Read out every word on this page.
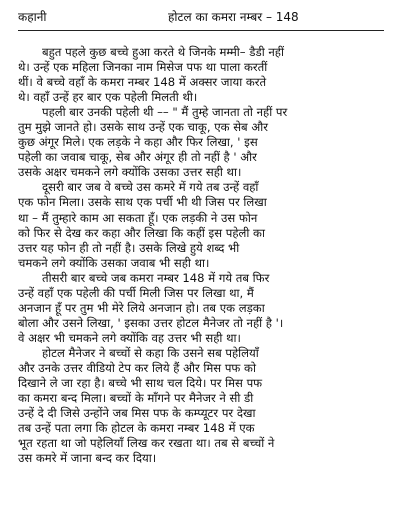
कहानी	होटल का कमरा नम्बर – 148
बहुत पहले कुछ बच्चे हुआ करते थे जिनके मम्मी– डैडी नहीं
थे। उन्हें एक महिला जिनका नाम मिसेज पफ था पाला करतीं
थीं। वे बच्चे वहाँ के कमरा नम्बर 148 में अक्सर जाया करते
थे। वहाँ उन्हें हर बार एक पहेली मिलती थी।
पहली बार उनकी पहेली थी –– " मैं तुम्हे जानता तो नहीं पर
तुम मुझे जानते हो। उसके साथ उन्हें एक चाकू, एक सेब और
कुछ अंगूर मिले। एक लड़के ने कहा और फिर लिखा, ' इस
पहेली का जवाब चाकू, सेब और अंगूर ही तो नहीं है ' और
उसके अक्षर चमकने लगे क्योंकि उसका उत्तर सही था।
दूसरी बार जब वे बच्चे उस कमरे में गये तब उन्हें वहाँ
एक फोन मिला। उसके साथ एक पर्ची भी थी जिस पर लिखा
था – मैं तुम्हारे काम आ सकता हूँ। एक लड़की ने उस फोन
को फिर से देख कर कहा और लिखा कि कहीं इस पहेली का
उत्तर यह फोन ही तो नहीं है। उसके लिखे हुये शब्द भी
चमकने लगे क्योंकि उसका जवाब भी सही था।
तीसरी बार बच्चे जब कमरा नम्बर 148 में गये तब फिर
उन्हें वहाँ एक पहेली की पर्ची मिली जिस पर लिखा था, मैं
अनजान हूँ पर तुम भी मेरे लिये अनजान हो। तब एक लड़का
बोला और उसने लिखा, ' इसका उत्तर होटल मैनेजर तो नहीं है '।
वे अक्षर भी चमकने लगे क्योंकि वह उत्तर भी सही था।
होटल मैनेजर ने बच्चों से कहा कि उसने सब पहेलियाँ
और उनके उत्तर वीडियो टेप कर लिये हैं और मिस पफ को
दिखाने ले जा रहा है। बच्चे भी साथ चल दिये। पर मिस पफ
का कमरा बन्द मिला। बच्चों के माँगने पर मैनेजर ने सी डी
उन्हें दे दी जिसे उन्होंने जब मिस पफ के कम्प्यूटर पर देखा
तब उन्हें पता लगा कि होटल के कमरा नम्बर 148 में एक
भूत रहता था जो पहेलियाँ लिख कर रखता था। तब से बच्चों ने
उस कमरे में जाना बन्द कर दिया।
